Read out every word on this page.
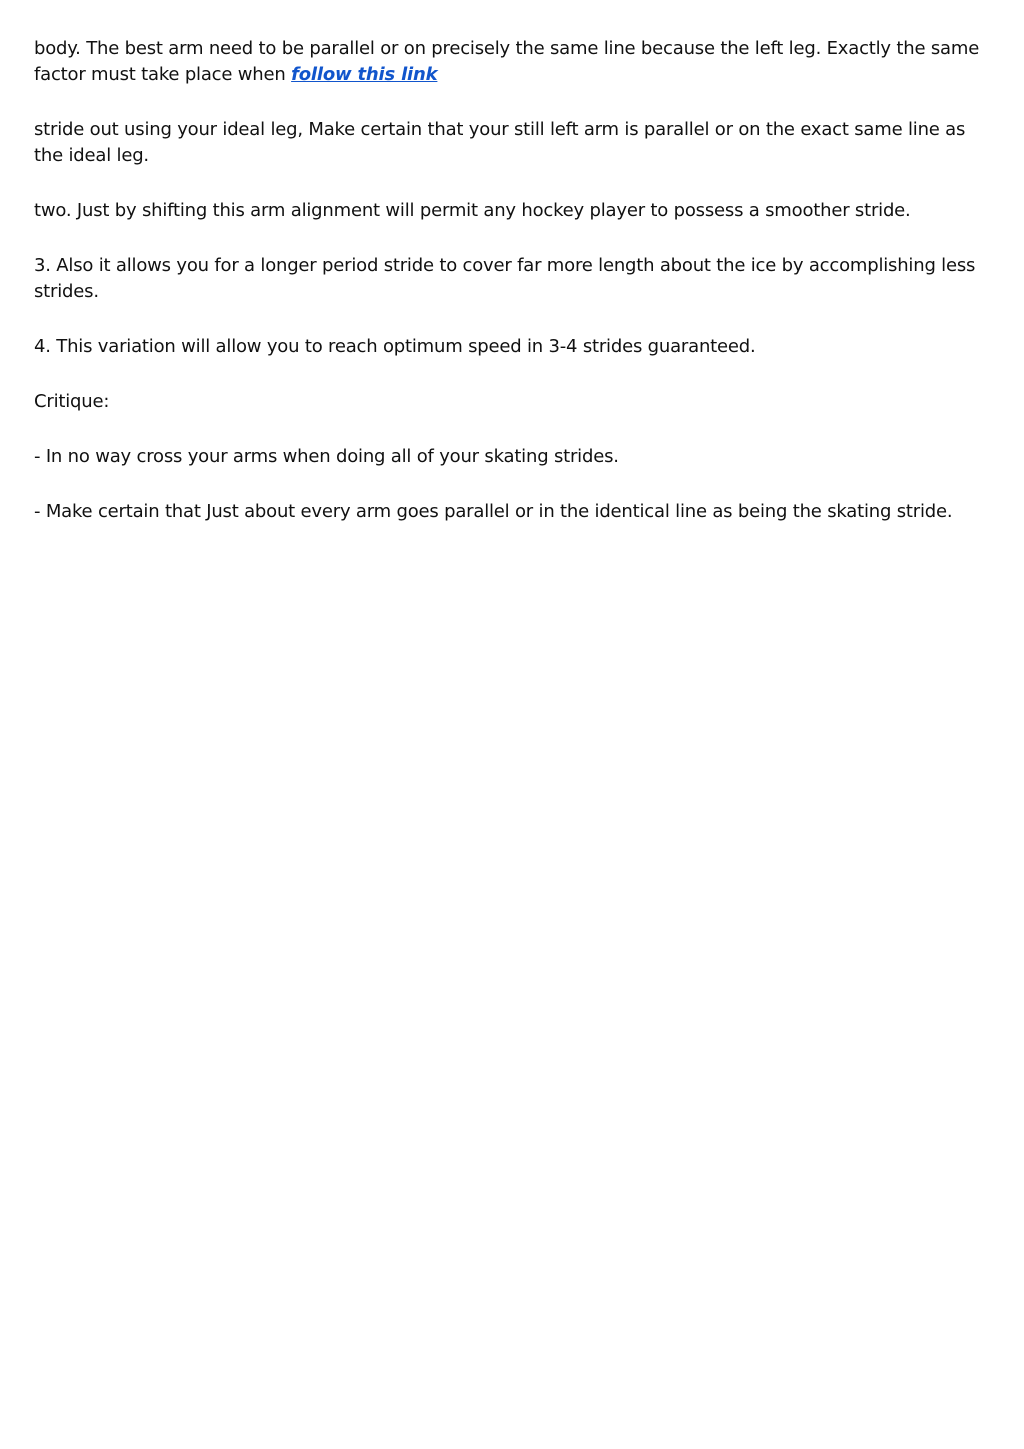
body. The best arm need to be parallel or on precisely the same line because the left leg. Exactly the same factor must take place when follow this link

stride out using your ideal leg, Make certain that your still left arm is parallel or on the exact same line as the ideal leg.

two. Just by shifting this arm alignment will permit any hockey player to possess a smoother stride.

3. Also it allows you for a longer period stride to cover far more length about the ice by accomplishing less strides.

4. This variation will allow you to reach optimum speed in 3-4 strides guaranteed.

Critique:

- In no way cross your arms when doing all of your skating strides.

- Make certain that Just about every arm goes parallel or in the identical line as being the skating stride.
